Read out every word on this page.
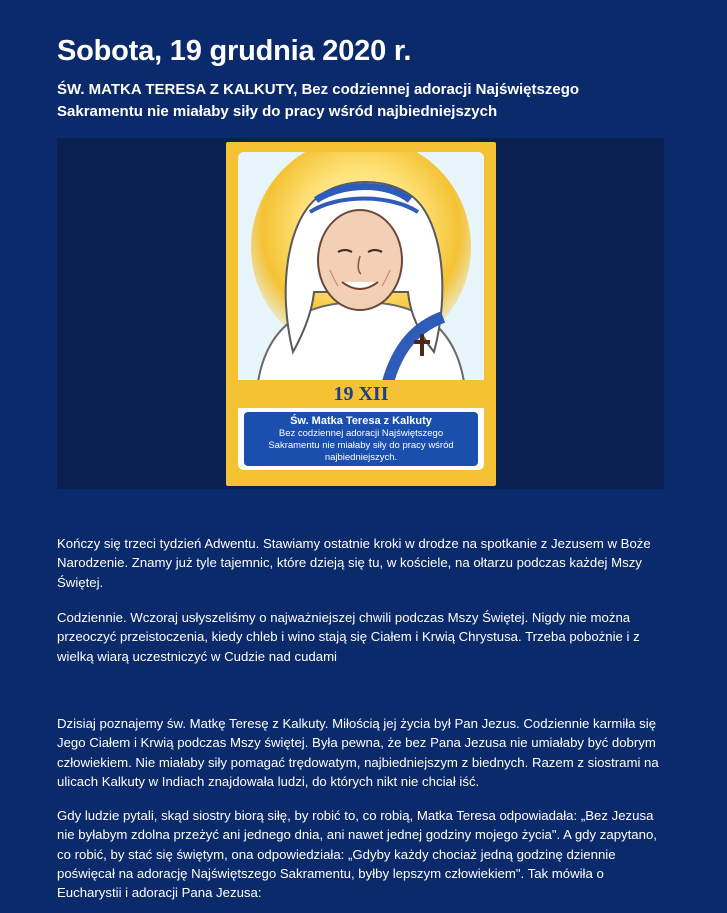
Sobota, 19 grudnia 2020 r.
ŚW. MATKA TERESA Z KALKUTY, Bez codziennej adoracji Najświętszego Sakramentu nie miałaby siły do pracy wśród najbiedniejszych
19 XII
Św. Matka Teresa z Kalkuty
Bez codziennej adoracji Najświętszego Sakramentu nie miałaby siły do pracy wśród najbiedniejszych.

Kończy się trzeci tydzień Adwentu. Stawiamy ostatnie kroki w drodze na spotkanie z Jezusem w Boże Narodzenie. Znamy już tyle tajemnic, które dzieją się tu, w kościele, na ołtarzu podczas każdej Mszy Świętej.

Codziennie. Wczoraj usłyszeliśmy o najważniejszej chwili podczas Mszy Świętej. Nigdy nie można przeoczyć przeistoczenia, kiedy chleb i wino stają się Ciałem i Krwią Chrystusa. Trzeba pobożnie i z wielką wiarą uczestniczyć w Cudzie nad cudami

Dzisiaj poznajemy św. Matkę Teresę z Kalkuty. Miłością jej życia był Pan Jezus. Codziennie karmiła się Jego Ciałem i Krwią podczas Mszy świętej. Była pewna, że bez Pana Jezusa nie umiałaby być dobrym człowiekiem. Nie miałaby siły pomagać trędowatym, najbiedniejszym z biednych. Razem z siostrami na ulicach Kalkuty w Indiach znajdowała ludzi, do których nikt nie chciał iść.

Gdy ludzie pytali, skąd siostry biorą siłę, by robić to, co robią, Matka Teresa odpowiadała: „Bez Jezusa nie byłabym zdolna przeżyć ani jednego dnia, ani nawet jednej godziny mojego życia". A gdy zapytano, co robić, by stać się świętym, ona odpowiedziała: „Gdyby każdy chociaż jedną godzinę dziennie poświęcał na adorację Najświętszego Sakramentu, byłby lepszym człowiekiem". Tak mówiła o Eucharystii i adoracji Pana Jezusa:
